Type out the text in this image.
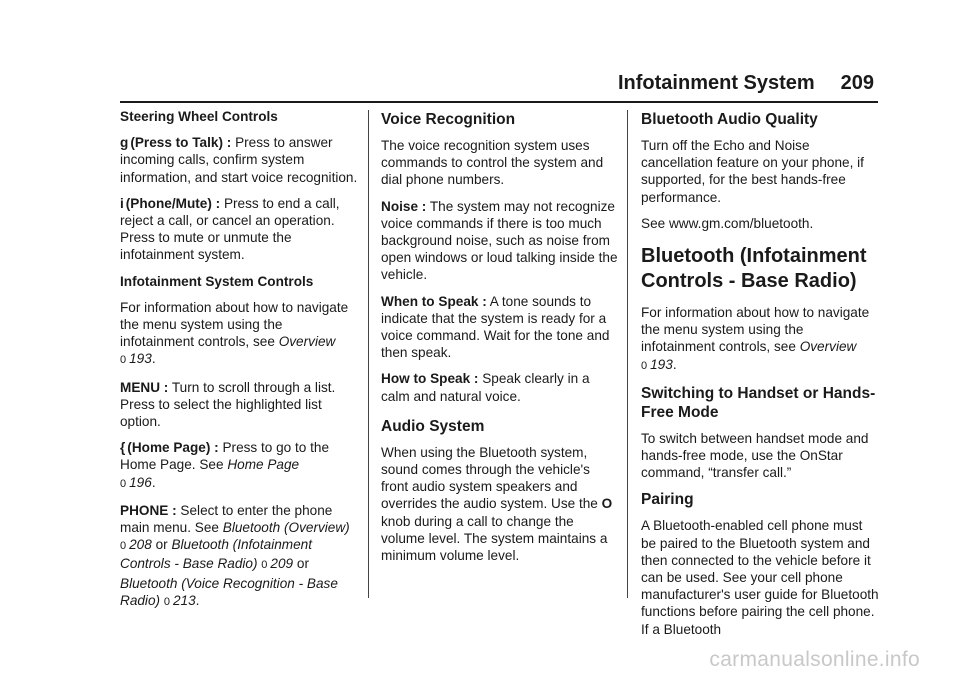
Infotainment System 209

Steering Wheel Controls

g (Press to Talk) : Press to answer incoming calls, confirm system information, and start voice recognition.

i (Phone/Mute) : Press to end a call, reject a call, or cancel an operation. Press to mute or unmute the infotainment system.

Infotainment System Controls

For information about how to navigate the menu system using the infotainment controls, see Overview
0 193.

MENU : Turn to scroll through a list. Press to select the highlighted list option.

{ (Home Page) : Press to go to the Home Page. See Home Page
0 196.

PHONE : Select to enter the phone main menu. See Bluetooth (Overview) 0 208 or Bluetooth (Infotainment Controls - Base Radio) 0 209 or Bluetooth (Voice Recognition - Base Radio) 0 213.

Voice Recognition

The voice recognition system uses commands to control the system and dial phone numbers.

Noise : The system may not recognize voice commands if there is too much background noise, such as noise from open windows or loud talking inside the vehicle.

When to Speak : A tone sounds to indicate that the system is ready for a voice command. Wait for the tone and then speak.

How to Speak : Speak clearly in a calm and natural voice.

Audio System

When using the Bluetooth system, sound comes through the vehicle's front audio system speakers and overrides the audio system. Use the Oknob during a call to change the volume level. The system maintains a minimum volume level.

Bluetooth Audio Quality

Turn off the Echo and Noise cancellation feature on your phone, if supported, for the best hands-free performance.

See www.gm.com/bluetooth.

Bluetooth (Infotainment Controls - Base Radio)

For information about how to navigate the menu system using the infotainment controls, see Overview
0 193.

Switching to Handset or Hands-Free Mode

To switch between handset mode and hands-free mode, use the OnStar command, “transfer call.”

Pairing

A Bluetooth-enabled cell phone must be paired to the Bluetooth system and then connected to the vehicle before it can be used. See your cell phone manufacturer's user guide for Bluetooth functions before pairing the cell phone. If a Bluetooth

carmanualsonline.info
